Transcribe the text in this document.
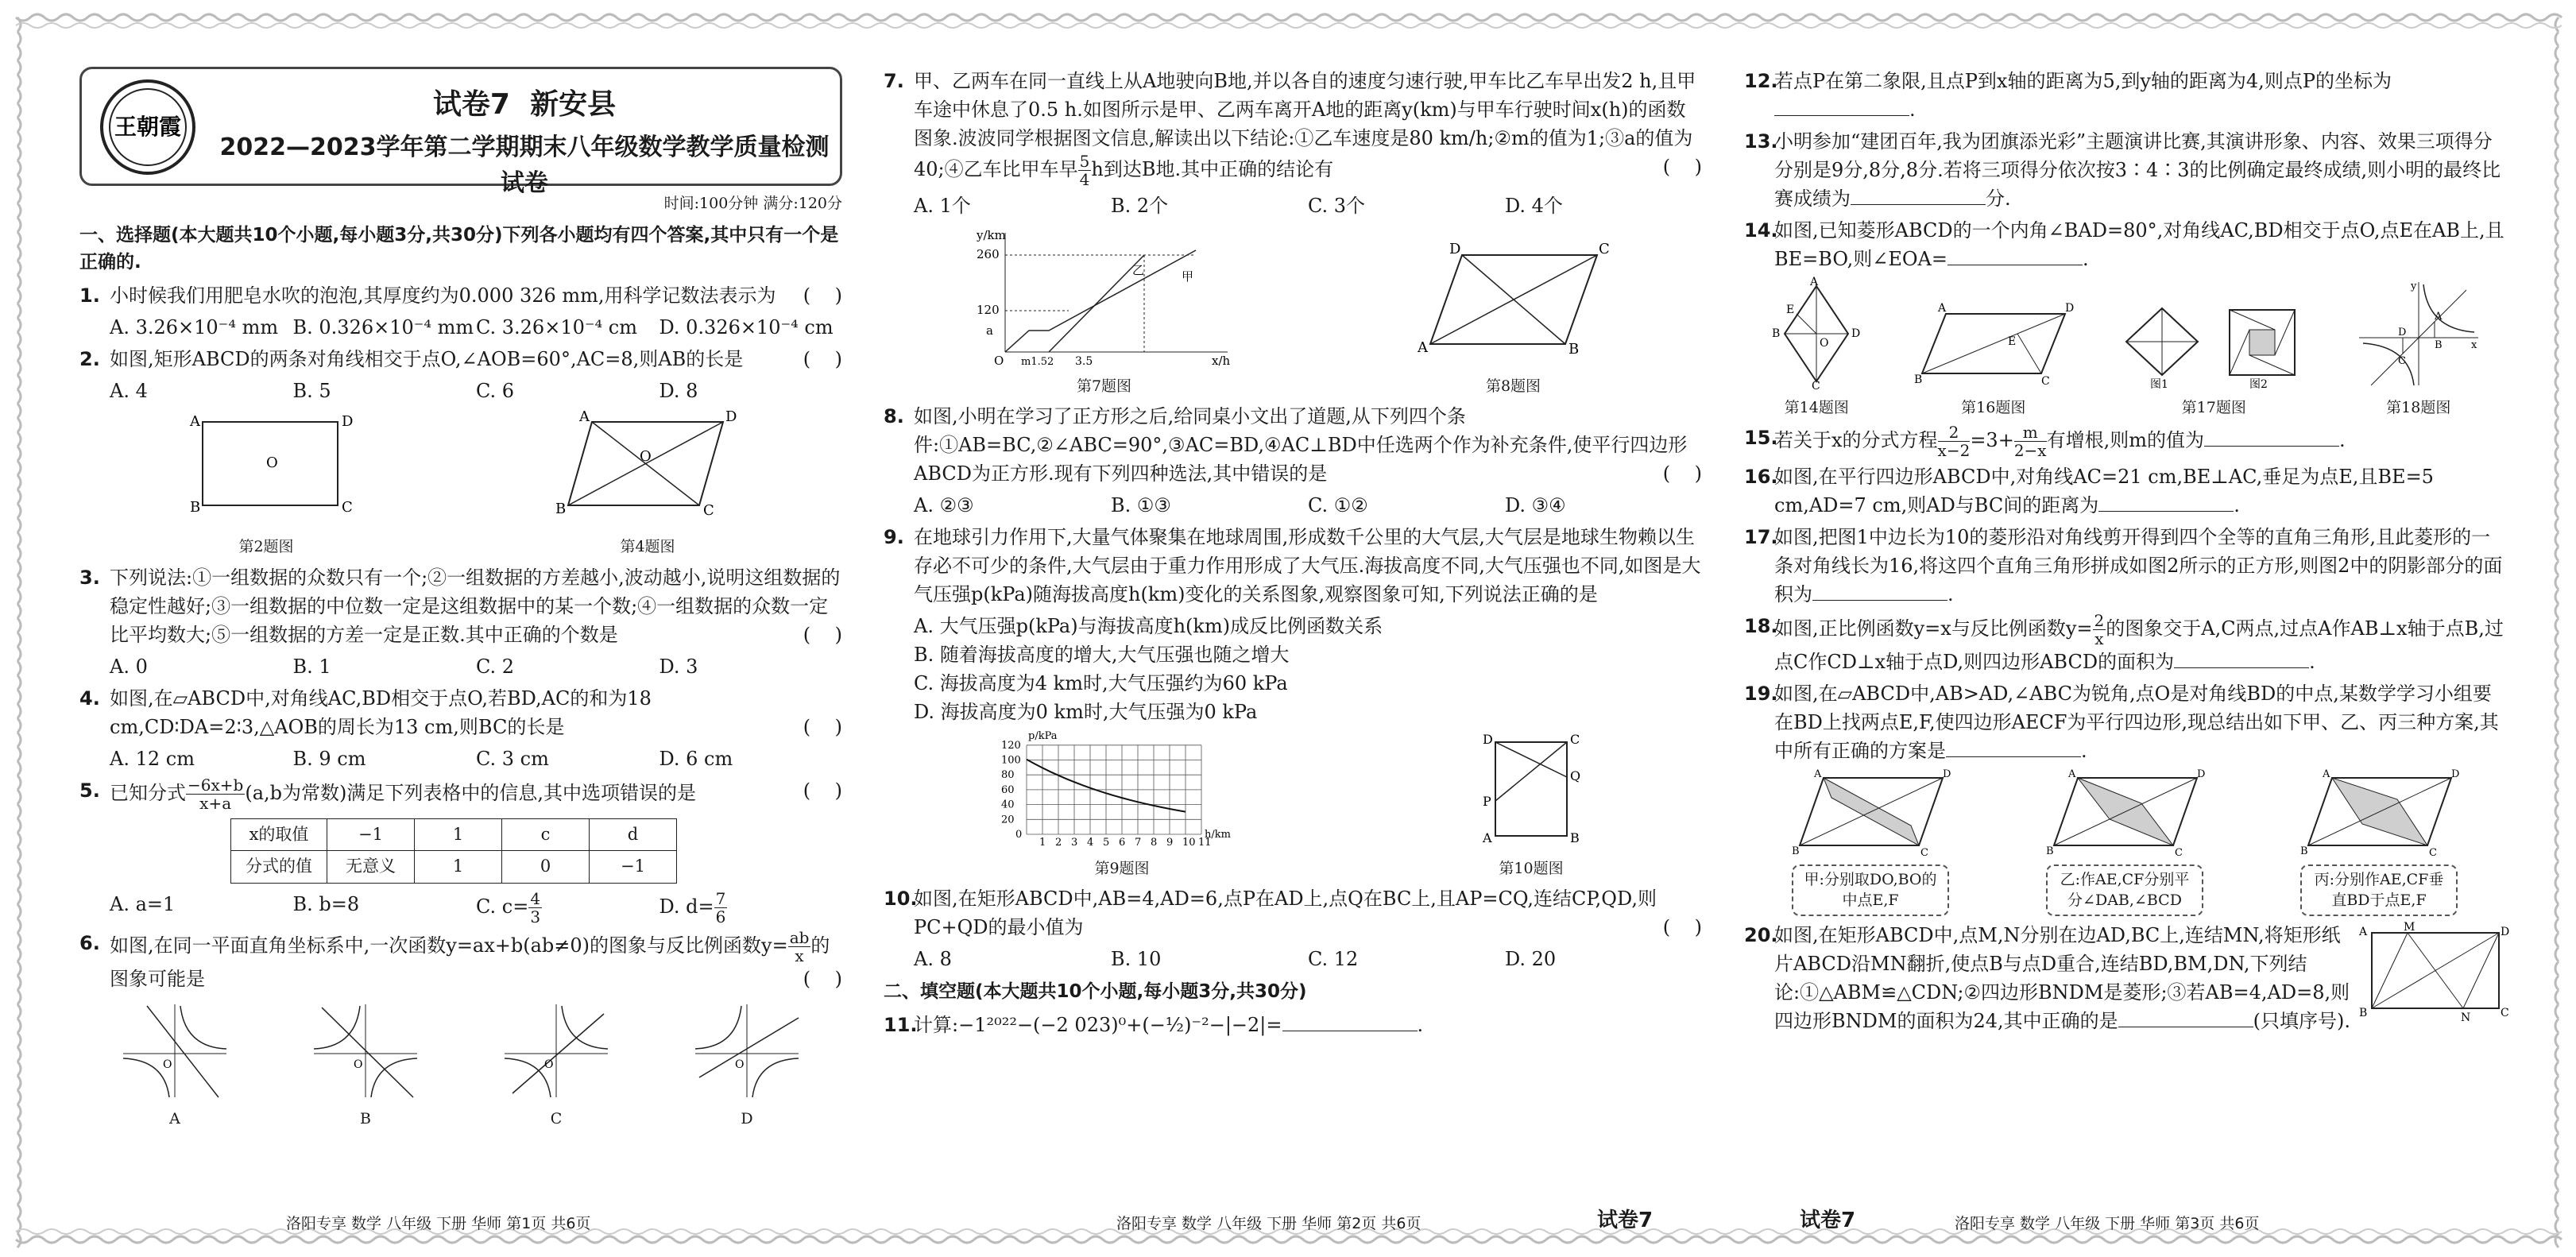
王朝霞
试卷7 新安县
2022—2023学年第二学期期末八年级数学教学质量检测试卷
时间:100分钟 满分:120分
一、选择题(本大题共10个小题,每小题3分,共30分)下列各小题均有四个答案,其中只有一个是正确的.
1. 小时候我们用肥皂水吹的泡泡,其厚度约为0.000 326 mm,用科学记数法表示为 (    )
A. 3.26×10⁻⁴ mm B. 0.326×10⁻⁴ mm C. 3.26×10⁻⁴ cm	D. 0.326×10⁻⁴ cm
2. 如图,矩形ABCD的两条对角线相交于点O,∠AOB=60°,AC=8,则AB的长是	(    )
A. 4	B. 5	C. 6	D. 8
A	D
B	C
O
第2题图
A	D
B	C
O
第4题图
3. 下列说法:①一组数据的众数只有一个;②一组数据的方差越小,波动越小,说明这组数据的稳定性越好;③一组数据的中位数一定是这组数据中的某一个数;④一组数据的众数一定比平均数大;⑤一组数据的方差一定是正数.其中正确的个数是	(    )
A. 0	B. 1	C. 2	D. 3
4. 如图,在▱ABCD中,对角线AC,BD相交于点O,若BD,AC的和为18 cm,CD∶DA=2∶3,△AOB的周长为13 cm,则BC的长是	(    )
A. 12 cm	B. 9 cm	C. 3 cm	D. 6 cm
5. 已知分式 $\frac{-6x+b}{x+a}(a,b$为常数)满足下列表格中的信息,其中选项错误的是	(    )
x的取值	−1	1	c	d
分式的值	无意义	1	0	−1
A. a=1	B. b=8	C. $c= \frac{4}{3}$	D. $d= \frac{7}{6}$
6. 如图,在同一平面直角坐标系中,一次函数y=ax+b(ab≠0)的图象与反比例函数$y= \frac{ab}{x}$的图象可能是	(    )
O
A
O
B
O
C
O
D
洛阳专享 数学 八年级 下册 华师 第1页 共6页
7. 甲、乙两车在同一直线上从A地驶向B地,并以各自的速度匀速行驶,甲车比乙车早出发2 h,且甲车途中休息了0.5 h.如图所示是甲、乙两车离开A地的距离y(km)与甲车行驶时间x(h)的函数图象.波波同学根据图文信息,解读出以下结论:①乙车速度是80 km/h;②m的值为1;③a的值为40;④乙车比甲车早 $\frac{5}{4}h$到达B地.其中正确的结论有	(    )
A. 1个	B. 2个	C. 3个	D. 4个
x/h
y/km
260
120
a
O m1.52 3.5
乙	甲
第7题图
D	C
A	B
第8题图
8. 如图,小明在学习了正方形之后,给同桌小文出了道题,从下列四个条件:①AB=BC,②∠ABC=90°,③AC=BD,④AC⊥BD中任选两个作为补充条件,使平行四边形ABCD为正方形.现有下列四种选法,其中错误的是	(    )
A. ②③	B. ①③	C. ①②	D. ③④
9. 在地球引力作用下,大量气体聚集在地球周围,形成数千公里的大气层,大气层是地球生物赖以生存必不可少的条件,大气层由于重力作用形成了大气压.海拔高度不同,大气压强也不同,如图是大气压强p(kPa)随海拔高度h(km)变化的关系图象,观察图象可知,下列说法正确的是
A. 大气压强p(kPa)与海拔高度h(km)成反比例函数关系
B. 随着海拔高度的增大,大气压强也随之增大
C. 海拔高度为4 km时,大气压强约为60 kPa
D. 海拔高度为0 km时,大气压强为0 kPa
0
20
40
60
80
100
120
1 2 3 4 5 6 7 8 9 10 11
p/kPa
h/km
第9题图
D	C
A	B
P
Q
第10题图
10.
如图,在矩形ABCD中,AB=4,AD=6,点P在AD上,点Q在BC上,且AP=CQ,连结CP,QD,则PC+QD的最小值为	(    )
A. 8	B. 10	C. 12	D. 20
二、填空题(本大题共10个小题,每小题3分,共30分)
11.
计算:−1²⁰²²−(−2 023)⁰+(−½)⁻²−|−2|=	.
洛阳专享 数学 八年级 下册 华师 第2页 共6页	试卷7
12.
若点P在第二象限,且点P到x轴的距离为5,到y轴的距离为4,则点P的坐标为.
13.
小明参加“建团百年,我为团旗添光彩”主题演讲比赛,其演讲形象、内容、效果三项得分分别是9分,8分,8分.若将三项得分依次按3∶4∶3的比例确定最终成绩,则小明的最终比赛成绩为	分.
14.
如图,已知菱形ABCD的一个内角∠BAD=80°,对角线AC,BD相交于点O,点E在AB上,且BE=BO,则∠EOA=	.
A
B	D
C
E
O
第14题图
A	D
B	C
E
第16题图
图1	图2
第17题图
A
B
C
D
x
y
第18题图
15.
若关于x的分式方程 $\frac{2}{x-2}=3+ \frac{m}{2-x}$有增根,则m的值为	.
16.
如图,在平行四边形ABCD中,对角线AC=21 cm,BE⊥AC,垂足为点E,且BE=5 cm,AD=7 cm,则AD与BC间的距离为	.
17.
如图,把图1中边长为10的菱形沿对角线剪开得到四个全等的直角三角形,且此菱形的一条对角线长为16,将这四个直角三角形拼成如图2所示的正方形,则图2中的阴影部分的面积为	.
18.
如图,正比例函数y=x与反比例函数$y= \frac{2}{x}$的图象交于A,C两点,过点A作AB⊥x轴于点B,过点C作CD⊥x轴于点D,则四边形ABCD的面积为	.
19.
如图,在▱ABCD中,AB>AD,∠ABC为锐角,点O是对角线BD的中点,某数学学习小组要在BD上找两点E,F,使四边形AECF为平行四边形,现总结出如下甲、乙、丙三种方案,其中所有正确的方案是	.
A	D
B	C
甲:分别取DO,BO的中点E,F
A	D
B	C
乙:作AE,CF分别平分∠DAB,∠BCD
A	D
B	C
丙:分别作AE,CF垂直BD于点E,F
20.
如图,在矩形ABCD中,点M,N分别在边AD,BC上,连结MN,将矩形纸片ABCD沿MN翻折,使点B与点D重合,连结BD,BM,DN,下列结论:①△ABM≌△CDN;②四边形BNDM是菱形;③若AB=4,AD=8,则四边形BNDM的面积为24,其中正确的是	(只填序号).
A	M	D
B	N	C
试卷7	洛阳专享 数学 八年级 下册 华师 第3页 共6页
